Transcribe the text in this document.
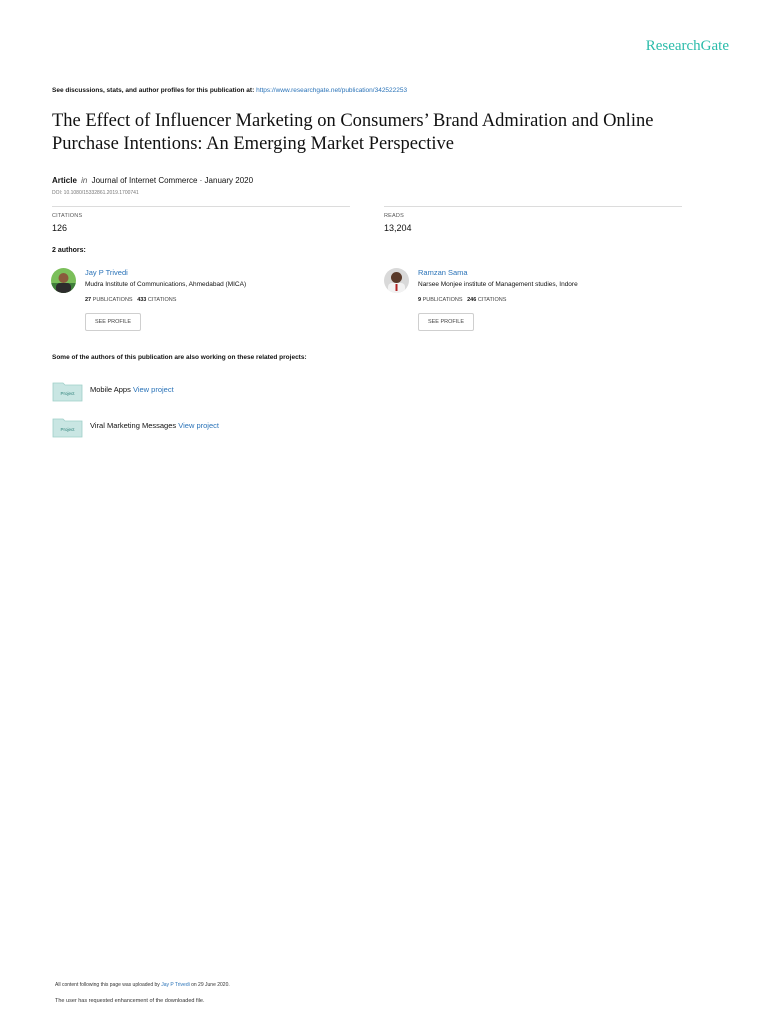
ResearchGate
See discussions, stats, and author profiles for this publication at: https://www.researchgate.net/publication/342522253
The Effect of Influencer Marketing on Consumers’ Brand Admiration and Online Purchase Intentions: An Emerging Market Perspective
Article in Journal of Internet Commerce · January 2020
DOI: 10.1080/15332861.2019.1700741
CITATIONS
126
READS
13,204
2 authors:
Jay P Trivedi
Mudra Institute of Communications, Ahmedabad (MICA)
27 PUBLICATIONS 433 CITATIONS
SEE PROFILE
Ramzan Sama
Narsee Monjee institute of Management studies, Indore
9 PUBLICATIONS 246 CITATIONS
SEE PROFILE
Some of the authors of this publication are also working on these related projects:
Project Mobile Apps View project
Project Viral Marketing Messages View project
All content following this page was uploaded by Jay P Trivedi on 29 June 2020.
The user has requested enhancement of the downloaded file.
